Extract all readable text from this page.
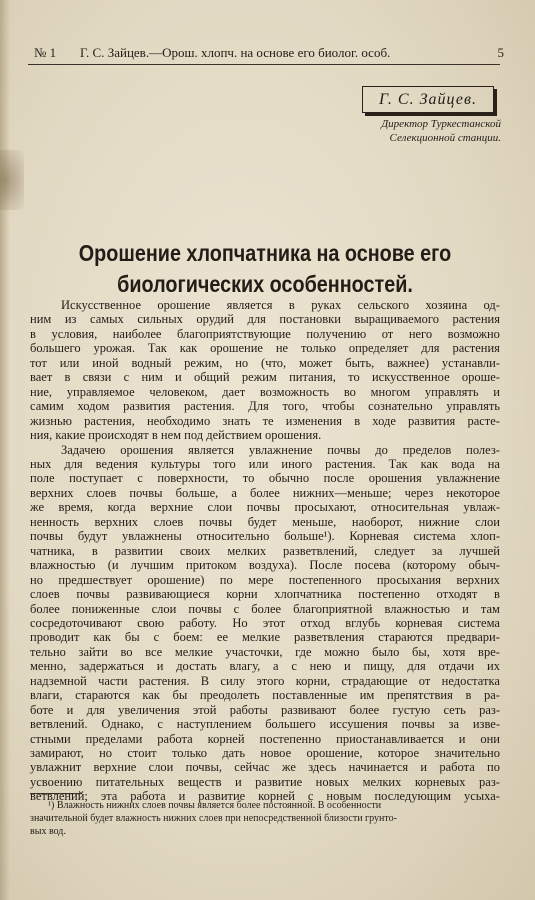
№ 1 Г. С. Зайцев.—Орош. хлопч. на основе его биолог. особ.	5
Г. С. Зайцев.
Директор Туркестанской
Селекционной станции.
Орошение хлопчатника на основе его
биологических особенностей.
Искусственное орошение является в руках сельского хозяина од-
ним из самых сильных орудий для постановки выращиваемого растения
в условия, наиболее благоприятствующие получению от него возможно
большего урожая. Так как орошение не только определяет для растения
тот или иной водный режим, но (что, может быть, важнее) устанавли-
вает в связи с ним и общий режим питания, то искусственное ороше-
ние, управляемое человеком, дает возможность во многом управлять и
самим ходом развития растения. Для того, чтобы сознательно управлять
жизнью растения, необходимо знать те изменения в ходе развития расте-
ния, какие происходят в нем под действием орошения.
Задачею орошения является увлажнение почвы до пределов полез-
ных для ведения культуры того или иного растения. Так как вода на
поле поступает с поверхности, то обычно после орошения увлажнение
верхних слоев почвы больше, а более нижних—меньше; через некоторое
же время, когда верхние слои почвы просыхают, относительная увлаж-
ненность верхних слоев почвы будет меньше, наоборот, нижние слои
почвы будут увлажнены относительно больше¹). Корневая система хлоп-
чатника, в развитии своих мелких разветвлений, следует за лучшей
влажностью (и лучшим притоком воздуха). После посева (которому обыч-
но предшествует орошение) по мере постепенного просыхания верхних
слоев почвы развивающиеся корни хлопчатника постепенно отходят в
более пониженные слои почвы с более благоприятной влажностью и там
сосредоточивают свою работу. Но этот отход вглубь корневая система
проводит как бы с боем: ее мелкие разветвления стараются предвари-
тельно зайти во все мелкие участочки, где можно было бы, хотя вре-
менно, задержаться и достать влагу, а с нею и пищу, для отдачи их
надземной части растения. В силу этого корни, страдающие от недостатка
влаги, стараются как бы преодолеть поставленные им препятствия в ра-
боте и для увеличения этой работы развивают более густую сеть раз-
ветвлений. Однако, с наступлением большего иссушения почвы за изве-
стными пределами работа корней постепенно приостанавливается и они
замирают, но стоит только дать новое орошение, которое значительно
увлажнит верхние слои почвы, сейчас же здесь начинается и работа по
усвоению питательных веществ и развитие новых мелких корневых раз-
ветвлений; эта работа и развитие корней с новым последующим усыха-
¹) Влажность нижних слоев почвы является более постоянной. В особенности
значительной будет влажность нижних слоев при непосредственной близости грунто-
вых вод.
